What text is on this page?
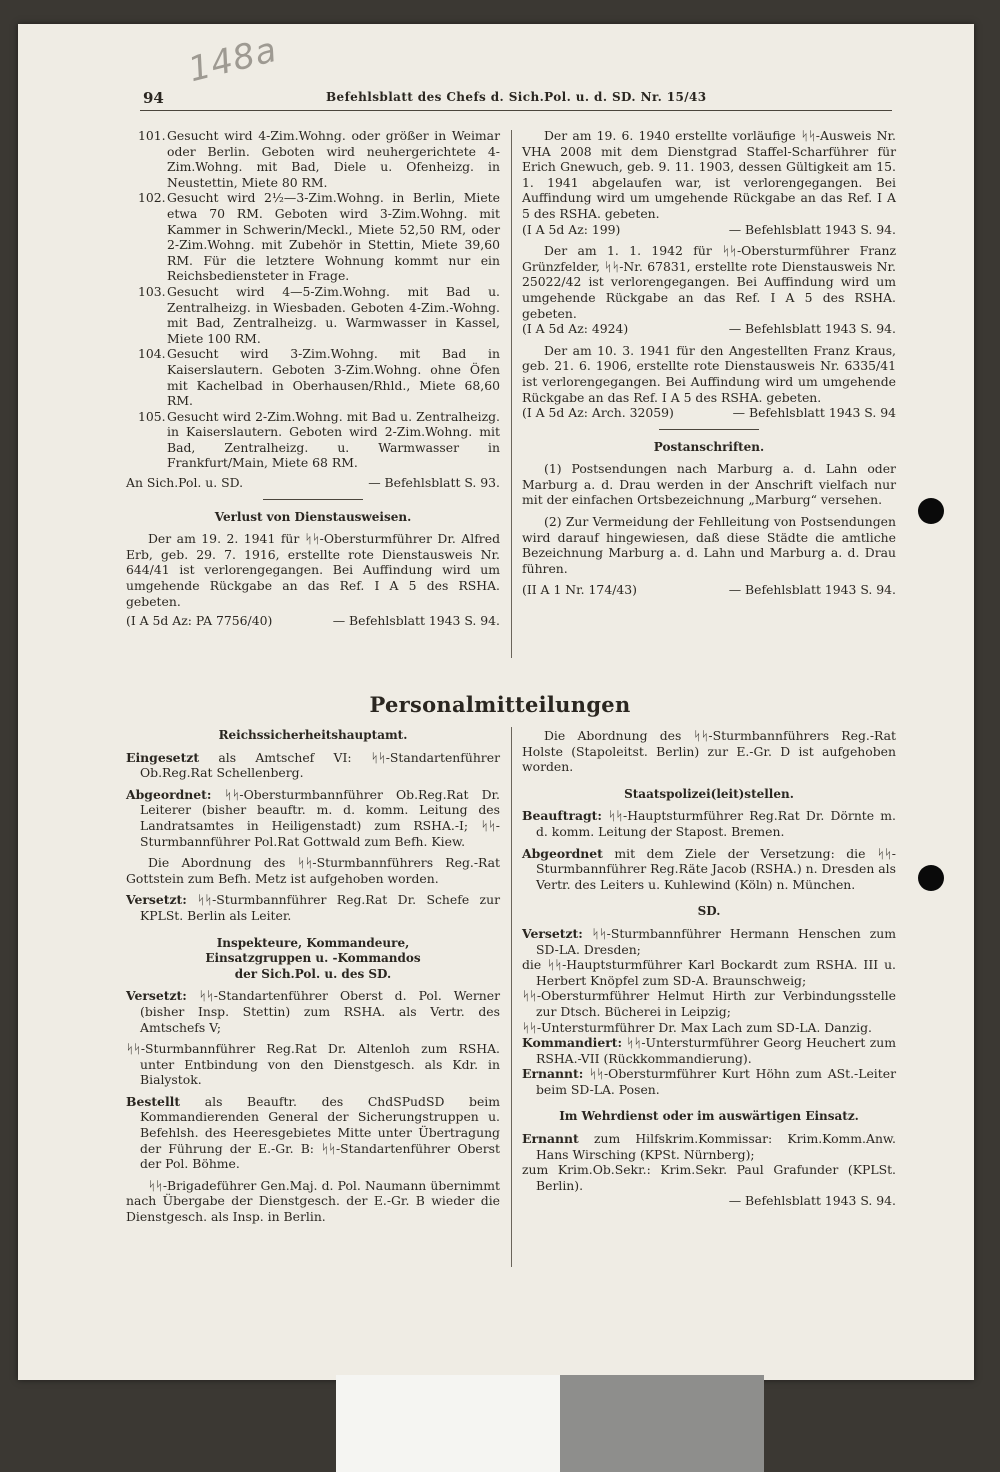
148a
94	Befehlsblatt des Chefs d. Sich.Pol. u. d. SD. Nr. 15/43

101. Gesucht wird 4-Zim.Wohng. oder größer in Weimar oder Berlin. Geboten wird neuhergerichtete 4-Zim.Wohng. mit Bad, Diele u. Ofenheizg. in Neustettin, Miete 80 RM.

102. Gesucht wird 2½—3-Zim.Wohng. in Berlin, Miete etwa 70 RM. Geboten wird 3-Zim.Wohng. mit Kammer in Schwerin/Meckl., Miete 52,50 RM, oder 2-Zim.Wohng. mit Zubehör in Stettin, Miete 39,60 RM. Für die letztere Wohnung kommt nur ein Reichsbediensteter in Frage.

103. Gesucht wird 4—5-Zim.Wohng. mit Bad u. Zentralheizg. in Wiesbaden. Geboten 4-Zim.-Wohng. mit Bad, Zentralheizg. u. Warmwasser in Kassel, Miete 100 RM.

104. Gesucht wird 3-Zim.Wohng. mit Bad in Kaiserslautern. Geboten 3-Zim.Wohng. ohne Öfen mit Kachelbad in Oberhausen/Rhld., Miete 68,60 RM.

105. Gesucht wird 2-Zim.Wohng. mit Bad u. Zentralheizg. in Kaiserslautern. Geboten wird 2-Zim.Wohng. mit Bad, Zentralheizg. u. Warmwasser in Frankfurt/Main, Miete 68 RM.

An Sich.Pol. u. SD.	— Befehlsblatt S. 93.

Verlust von Dienstausweisen.

Der am 19. 2. 1941 für ᛋᛋ-Obersturmführer Dr. Alfred Erb, geb. 29. 7. 1916, erstellte rote Dienstausweis Nr. 644/41 ist verlorengegangen. Bei Auffindung wird um umgehende Rückgabe an das Ref. I A 5 des RSHA. gebeten.

(I A 5d Az: PA 7756/40)	— Befehlsblatt 1943 S. 94.

Der am 19. 6. 1940 erstellte vorläufige ᛋᛋ-Ausweis Nr. VHA 2008 mit dem Dienstgrad Staffel-Scharführer für Erich Gnewuch, geb. 9. 11. 1903, dessen Gültigkeit am 15. 1. 1941 abgelaufen war, ist verlorengegangen. Bei Auffindung wird um umgehende Rückgabe an das Ref. I A 5 des RSHA. gebeten.

(I A 5d Az: 199)	— Befehlsblatt 1943 S. 94.

Der am 1. 1. 1942 für ᛋᛋ-Obersturmführer Franz Grünzfelder, ᛋᛋ-Nr. 67831, erstellte rote Dienstausweis Nr. 25022/42 ist verlorengegangen. Bei Auffindung wird um umgehende Rückgabe an das Ref. I A 5 des RSHA. gebeten.

(I A 5d Az: 4924)	— Befehlsblatt 1943 S. 94.

Der am 10. 3. 1941 für den Angestellten Franz Kraus, geb. 21. 6. 1906, erstellte rote Dienstausweis Nr. 6335/41 ist verlorengegangen. Bei Auffindung wird um umgehende Rückgabe an das Ref. I A 5 des RSHA. gebeten.

(I A 5d Az: Arch. 32059)	— Befehlsblatt 1943 S. 94

Postanschriften.

(1) Postsendungen nach Marburg a. d. Lahn oder Marburg a. d. Drau werden in der Anschrift vielfach nur mit der einfachen Ortsbezeichnung „Marburg“ versehen.

(2) Zur Vermeidung der Fehlleitung von Postsendungen wird darauf hingewiesen, daß diese Städte die amtliche Bezeichnung Marburg a. d. Lahn und Marburg a. d. Drau führen.

(II A 1 Nr. 174/43)	— Befehlsblatt 1943 S. 94.
Personalmitteilungen

Reichssicherheitshauptamt.

Eingesetzt als Amtschef VI: ᛋᛋ-Standartenführer Ob.Reg.Rat Schellenberg.

Abgeordnet: ᛋᛋ-Obersturmbannführer Ob.Reg.Rat Dr. Leiterer (bisher beauftr. m. d. komm. Leitung des Landratsamtes in Heiligenstadt) zum RSHA.-I; ᛋᛋ-Sturmbannführer Pol.Rat Gottwald zum Befh. Kiew.

Die Abordnung des ᛋᛋ-Sturmbannführers Reg.-Rat Gottstein zum Befh. Metz ist aufgehoben worden.

Versetzt: ᛋᛋ-Sturmbannführer Reg.Rat Dr. Schefe zur KPLSt. Berlin als Leiter.

Inspekteure, Kommandeure,

Einsatzgruppen u. -Kommandos

der Sich.Pol. u. des SD.

Versetzt: ᛋᛋ-Standartenführer Oberst d. Pol. Werner (bisher Insp. Stettin) zum RSHA. als Vertr. des Amtschefs V;

ᛋᛋ-Sturmbannführer Reg.Rat Dr. Altenloh zum RSHA. unter Entbindung von den Dienstgesch. als Kdr. in Bialystok.

Bestellt als Beauftr. des ChdSPudSD beim Kommandierenden General der Sicherungstruppen u. Befehlsh. des Heeresgebietes Mitte unter Übertragung der Führung der E.-Gr. B: ᛋᛋ-Standartenführer Oberst der Pol. Böhme.

ᛋᛋ-Brigadeführer Gen.Maj. d. Pol. Naumann übernimmt nach Übergabe der Dienstgesch. der E.-Gr. B wieder die Dienstgesch. als Insp. in Berlin.

Die Abordnung des ᛋᛋ-Sturmbannführers Reg.-Rat Holste (Stapoleitst. Berlin) zur E.-Gr. D ist aufgehoben worden.

Staatspolizei(leit)stellen.

Beauftragt: ᛋᛋ-Hauptsturmführer Reg.Rat Dr. Dörnte m. d. komm. Leitung der Stapost. Bremen.

Abgeordnet mit dem Ziele der Versetzung: die ᛋᛋ-Sturmbannführer Reg.Räte Jacob (RSHA.) n. Dresden als Vertr. des Leiters u. Kuhlewind (Köln) n. München.

SD.

Versetzt: ᛋᛋ-Sturmbannführer Hermann Henschen zum SD-LA. Dresden;

die ᛋᛋ-Hauptsturmführer Karl Bockardt zum RSHA. III u. Herbert Knöpfel zum SD-A. Braunschweig;

ᛋᛋ-Obersturmführer Helmut Hirth zur Verbindungsstelle zur Dtsch. Bücherei in Leipzig;

ᛋᛋ-Untersturmführer Dr. Max Lach zum SD-LA. Danzig.

Kommandiert: ᛋᛋ-Untersturmführer Georg Heuchert zum RSHA.-VII (Rückkommandierung).

Ernannt: ᛋᛋ-Obersturmführer Kurt Höhn zum ASt.-Leiter beim SD-LA. Posen.

Im Wehrdienst oder im auswärtigen Einsatz.

Ernannt zum Hilfskrim.Kommissar: Krim.Komm.Anw. Hans Wirsching (KPSt. Nürnberg);

zum Krim.Ob.Sekr.: Krim.Sekr. Paul Grafunder (KPLSt. Berlin).

— Befehlsblatt 1943 S. 94.
